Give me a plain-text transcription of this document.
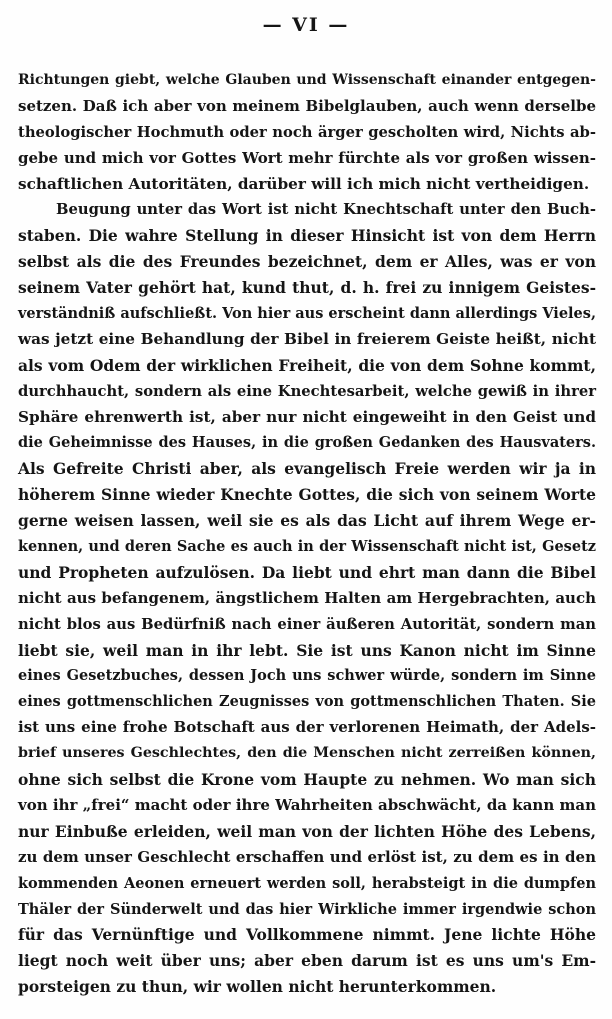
— VI —
Richtungen giebt, welche Glauben und Wissenschaft einander entgegen-
setzen. Daß ich aber von meinem Bibelglauben, auch wenn derselbe
theologischer Hochmuth oder noch ärger gescholten wird, Nichts ab-
gebe und mich vor Gottes Wort mehr fürchte als vor großen wissen-
schaftlichen Autoritäten, darüber will ich mich nicht vertheidigen.
Beugung unter das Wort ist nicht Knechtschaft unter den Buch-
staben. Die wahre Stellung in dieser Hinsicht ist von dem Herrn
selbst als die des Freundes bezeichnet, dem er Alles, was er von
seinem Vater gehört hat, kund thut, d. h. frei zu innigem Geistes-
verständniß aufschließt. Von hier aus erscheint dann allerdings Vieles,
was jetzt eine Behandlung der Bibel in freierem Geiste heißt, nicht
als vom Odem der wirklichen Freiheit, die von dem Sohne kommt,
durchhaucht, sondern als eine Knechtesarbeit, welche gewiß in ihrer
Sphäre ehrenwerth ist, aber nur nicht eingeweiht in den Geist und
die Geheimnisse des Hauses, in die großen Gedanken des Hausvaters.
Als Gefreite Christi aber, als evangelisch Freie werden wir ja in
höherem Sinne wieder Knechte Gottes, die sich von seinem Worte
gerne weisen lassen, weil sie es als das Licht auf ihrem Wege er-
kennen, und deren Sache es auch in der Wissenschaft nicht ist, Gesetz
und Propheten aufzulösen. Da liebt und ehrt man dann die Bibel
nicht aus befangenem, ängstlichem Halten am Hergebrachten, auch
nicht blos aus Bedürfniß nach einer äußeren Autorität, sondern man
liebt sie, weil man in ihr lebt. Sie ist uns Kanon nicht im Sinne
eines Gesetzbuches, dessen Joch uns schwer würde, sondern im Sinne
eines gottmenschlichen Zeugnisses von gottmenschlichen Thaten. Sie
ist uns eine frohe Botschaft aus der verlorenen Heimath, der Adels-
brief unseres Geschlechtes, den die Menschen nicht zerreißen können,
ohne sich selbst die Krone vom Haupte zu nehmen. Wo man sich
von ihr „frei“ macht oder ihre Wahrheiten abschwächt, da kann man
nur Einbuße erleiden, weil man von der lichten Höhe des Lebens,
zu dem unser Geschlecht erschaffen und erlöst ist, zu dem es in den
kommenden Aeonen erneuert werden soll, herabsteigt in die dumpfen
Thäler der Sünderwelt und das hier Wirkliche immer irgendwie schon
für das Vernünftige und Vollkommene nimmt. Jene lichte Höhe
liegt noch weit über uns; aber eben darum ist es uns um's Em-
porsteigen zu thun, wir wollen nicht herunterkommen.
